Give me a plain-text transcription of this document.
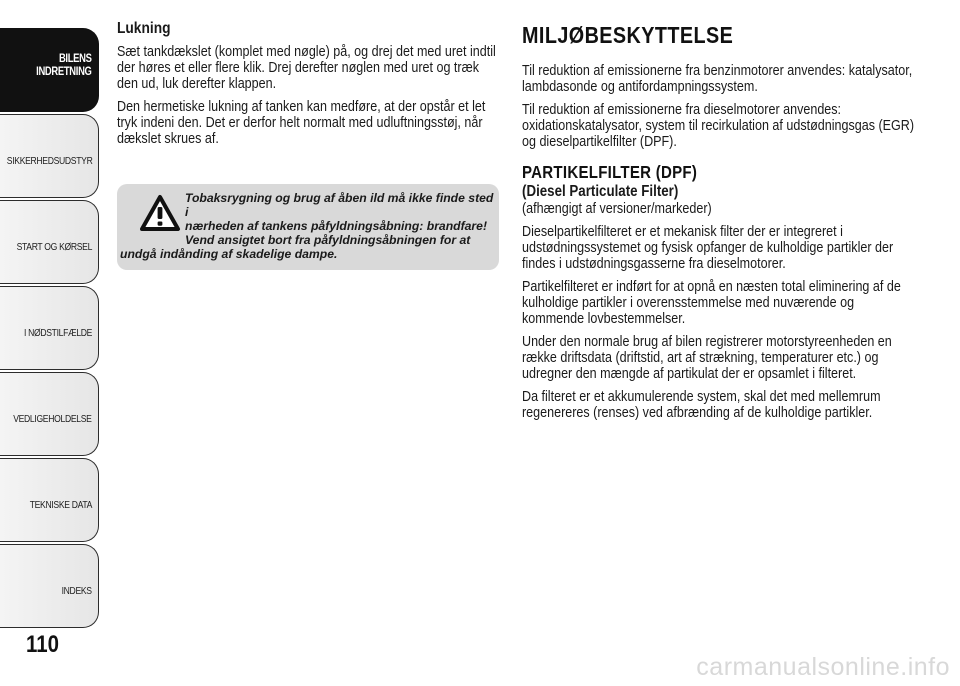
BILENS
INDRETNING
SIKKERHEDSUDSTYR
START OG KØRSEL
I NØDSTILFÆLDE
VEDLIGEHOLDELSE
TEKNISKE DATA
INDEKS
110
Lukning

Sæt tankdækslet (komplet med nøgle) på, og drej det med uret indtil der høres et eller flere klik. Drej derefter nøglen med uret og træk den ud, luk derefter klappen.

Den hermetiske lukning af tanken kan medføre, at der opstår et let tryk indeni den. Det er derfor helt normalt med udluftningsstøj, når dækslet skrues af.

Tobaksrygning og brug af åben ild må ikke finde sted i
nærheden af tankens påfyldningsåbning: brandfare!
Vend ansigtet bort fra påfyldningsåbningen for at
undgå indånding af skadelige dampe.
MILJØBESKYTTELSE

Til reduktion af emissionerne fra benzinmotorer anvendes: katalysator, lambdasonde og antifordampningssystem.

Til reduktion af emissionerne fra dieselmotorer anvendes: oxidationskatalysator, system til recirkulation af udstødningsgas (EGR) og dieselpartikelfilter (DPF).

PARTIKELFILTER (DPF)
(Diesel Particulate Filter)

(afhængigt af versioner/markeder)

Dieselpartikelfilteret er et mekanisk filter der er integreret i udstødningssystemet og fysisk opfanger de kulholdige partikler der findes i udstødningsgasserne fra dieselmotorer.

Partikelfilteret er indført for at opnå en næsten total eliminering af de kulholdige partikler i overensstemmelse med nuværende og kommende lovbestemmelser.

Under den normale brug af bilen registrerer motorstyreenheden en række driftsdata (driftstid, art af strækning, temperaturer etc.) og udregner den mængde af partikulat der er opsamlet i filteret.

Da filteret er et akkumulerende system, skal det med mellemrum regenereres (renses) ved afbrænding af de kulholdige partikler.

carmanualsonline.info
